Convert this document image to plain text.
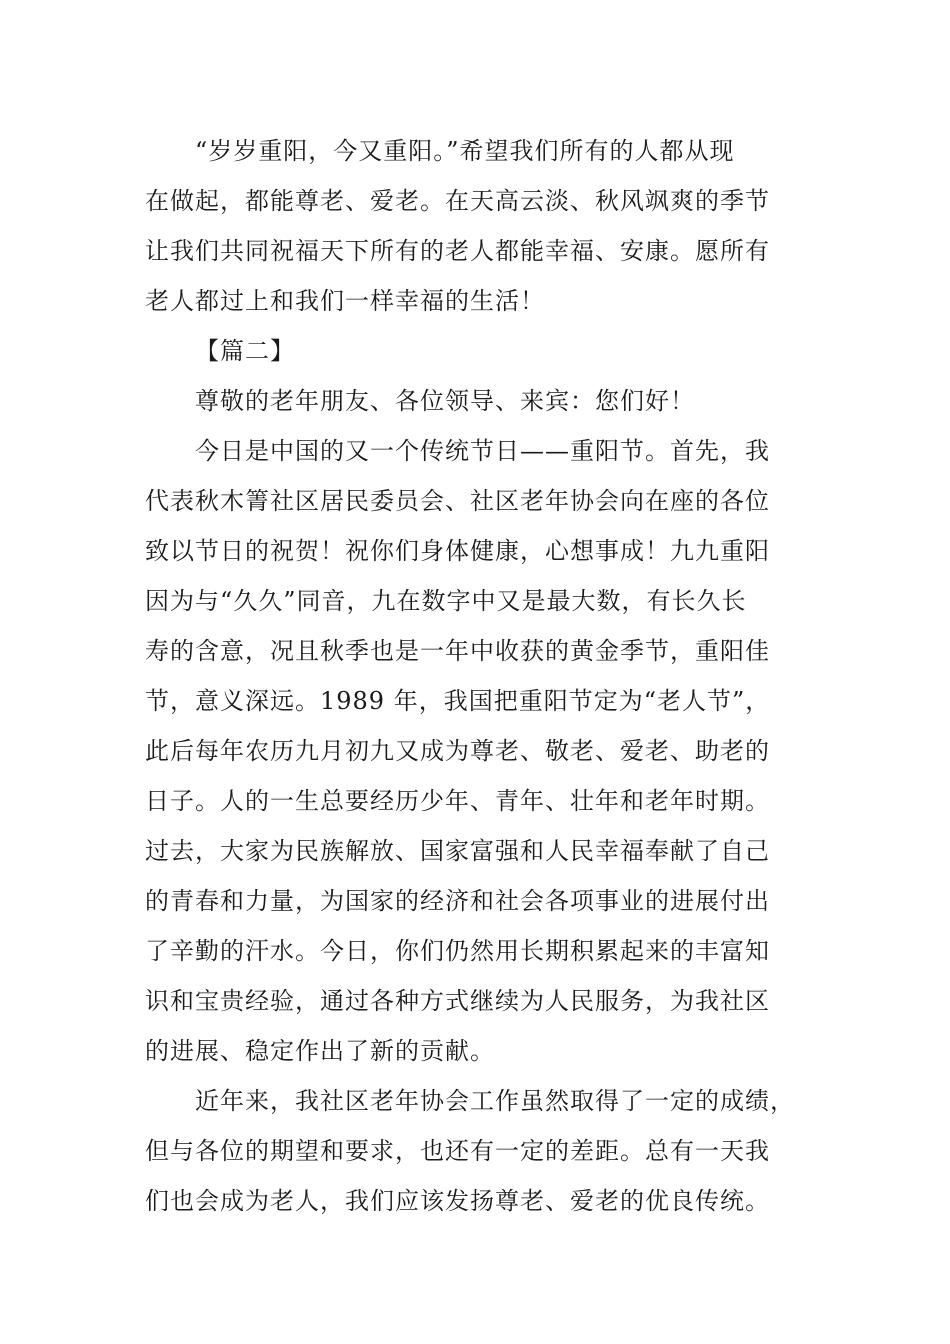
“岁岁重阳，今又重阳。”希望我们所有的人都从现
在做起，都能尊老、爱老。在天高云淡、秋风飒爽的季节
让我们共同祝福天下所有的老人都能幸福、安康。愿所有
老人都过上和我们一样幸福的生活！
【篇二】
尊敬的老年朋友、各位领导、来宾：您们好！
今日是中国的又一个传统节日——重阳节。首先，我
代表秋木箐社区居民委员会、社区老年协会向在座的各位
致以节日的祝贺！祝你们身体健康，心想事成！九九重阳
因为与“久久”同音，九在数字中又是最大数，有长久长
寿的含意，况且秋季也是一年中收获的黄金季节，重阳佳
节，意义深远。1989 年，我国把重阳节定为“老人节”，
此后每年农历九月初九又成为尊老、敬老、爱老、助老的
日子。人的一生总要经历少年、青年、壮年和老年时期。
过去，大家为民族解放、国家富强和人民幸福奉献了自己
的青春和力量，为国家的经济和社会各项事业的进展付出
了辛勤的汗水。今日，你们仍然用长期积累起来的丰富知
识和宝贵经验，通过各种方式继续为人民服务，为我社区
的进展、稳定作出了新的贡献。
近年来，我社区老年协会工作虽然取得了一定的成绩，
但与各位的期望和要求，也还有一定的差距。总有一天我
们也会成为老人，我们应该发扬尊老、爱老的优良传统。
